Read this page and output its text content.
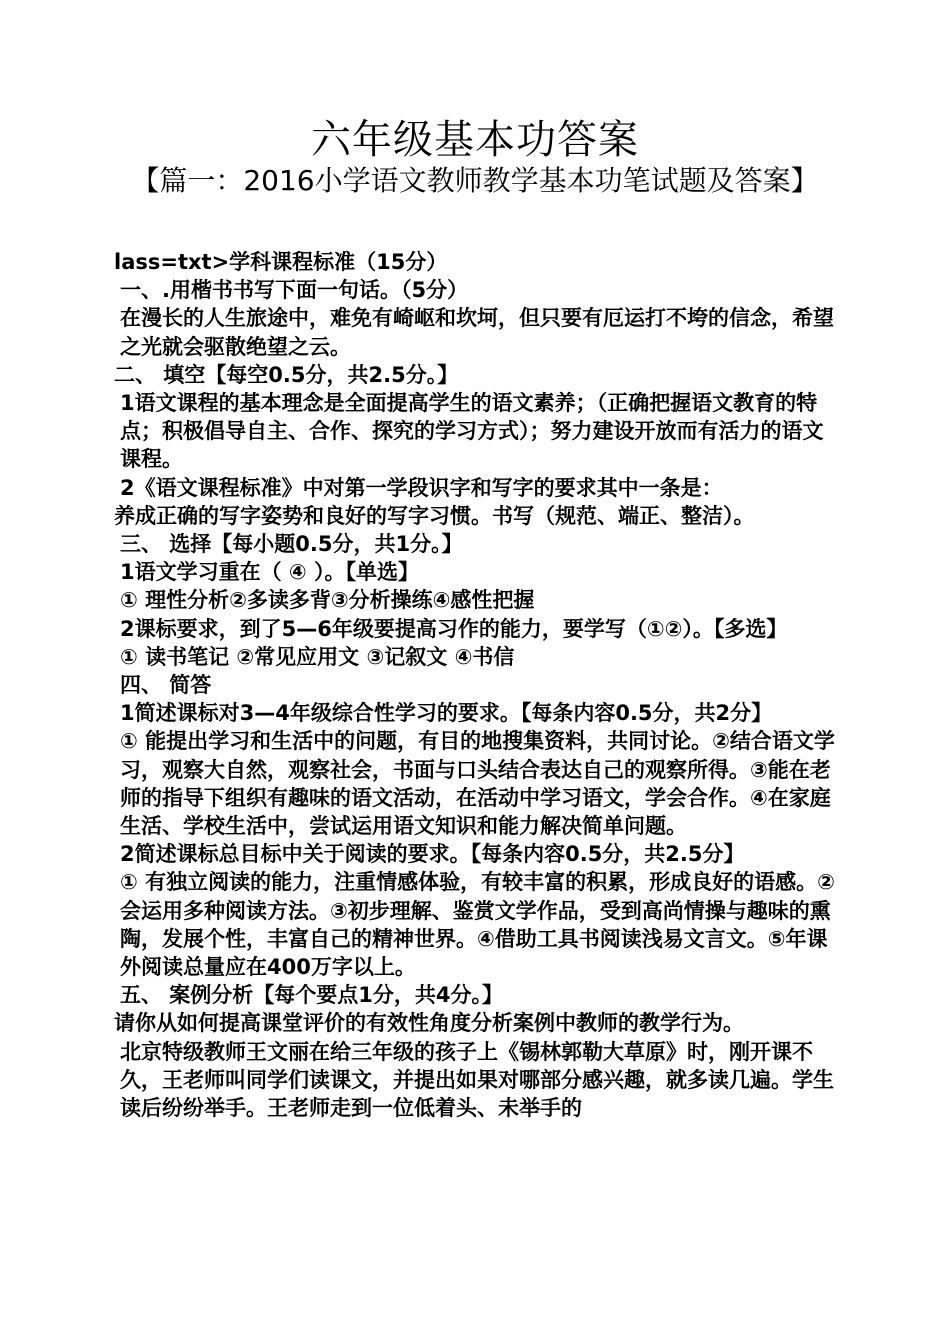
六年级基本功答案
【篇一：2016小学语文教师教学基本功笔试题及答案】

lass=txt>学科课程标准（15分）

一、.用楷书书写下面一句话。（5分）

在漫长的人生旅途中，难免有崎岖和坎坷，但只要有厄运打不垮的信念，希望之光就会驱散绝望之云。

二、 填空【每空0.5分，共2.5分。】

1语文课程的基本理念是全面提高学生的语文素养；（正确把握语文教育的特点；积极倡导自主、合作、探究的学习方式）；努力建设开放而有活力的语文课程。

2《语文课程标准》中对第一学段识字和写字的要求其中一条是：

养成正确的写字姿势和良好的写字习惯。书写（规范、端正、整洁）。

三、 选择【每小题0.5分，共1分。】

1语文学习重在（ ④ ）。【单选】

① 理性分析②多读多背③分析操练④感性把握

2课标要求，到了5—6年级要提高习作的能力，要学写（①②）。【多选】

① 读书笔记 ②常见应用文 ③记叙文 ④书信

四、 简答

1简述课标对3—4年级综合性学习的要求。【每条内容0.5分，共2分】

① 能提出学习和生活中的问题，有目的地搜集资料，共同讨论。②结合语文学习，观察大自然，观察社会，书面与口头结合表达自己的观察所得。③能在老师的指导下组织有趣味的语文活动，在活动中学习语文，学会合作。④在家庭生活、学校生活中，尝试运用语文知识和能力解决简单问题。

2简述课标总目标中关于阅读的要求。【每条内容0.5分，共2.5分】

① 有独立阅读的能力，注重情感体验，有较丰富的积累，形成良好的语感。②会运用多种阅读方法。③初步理解、鉴赏文学作品，受到高尚情操与趣味的熏陶，发展个性，丰富自己的精神世界。④借助工具书阅读浅易文言文。⑤年课外阅读总量应在400万字以上。

五、 案例分析【每个要点1分，共4分。】

请你从如何提高课堂评价的有效性角度分析案例中教师的教学行为。

北京特级教师王文丽在给三年级的孩子上《锡林郭勒大草原》时，刚开课不久，王老师叫同学们读课文，并提出如果对哪部分感兴趣，就多读几遍。学生读后纷纷举手。王老师走到一位低着头、未举手的
